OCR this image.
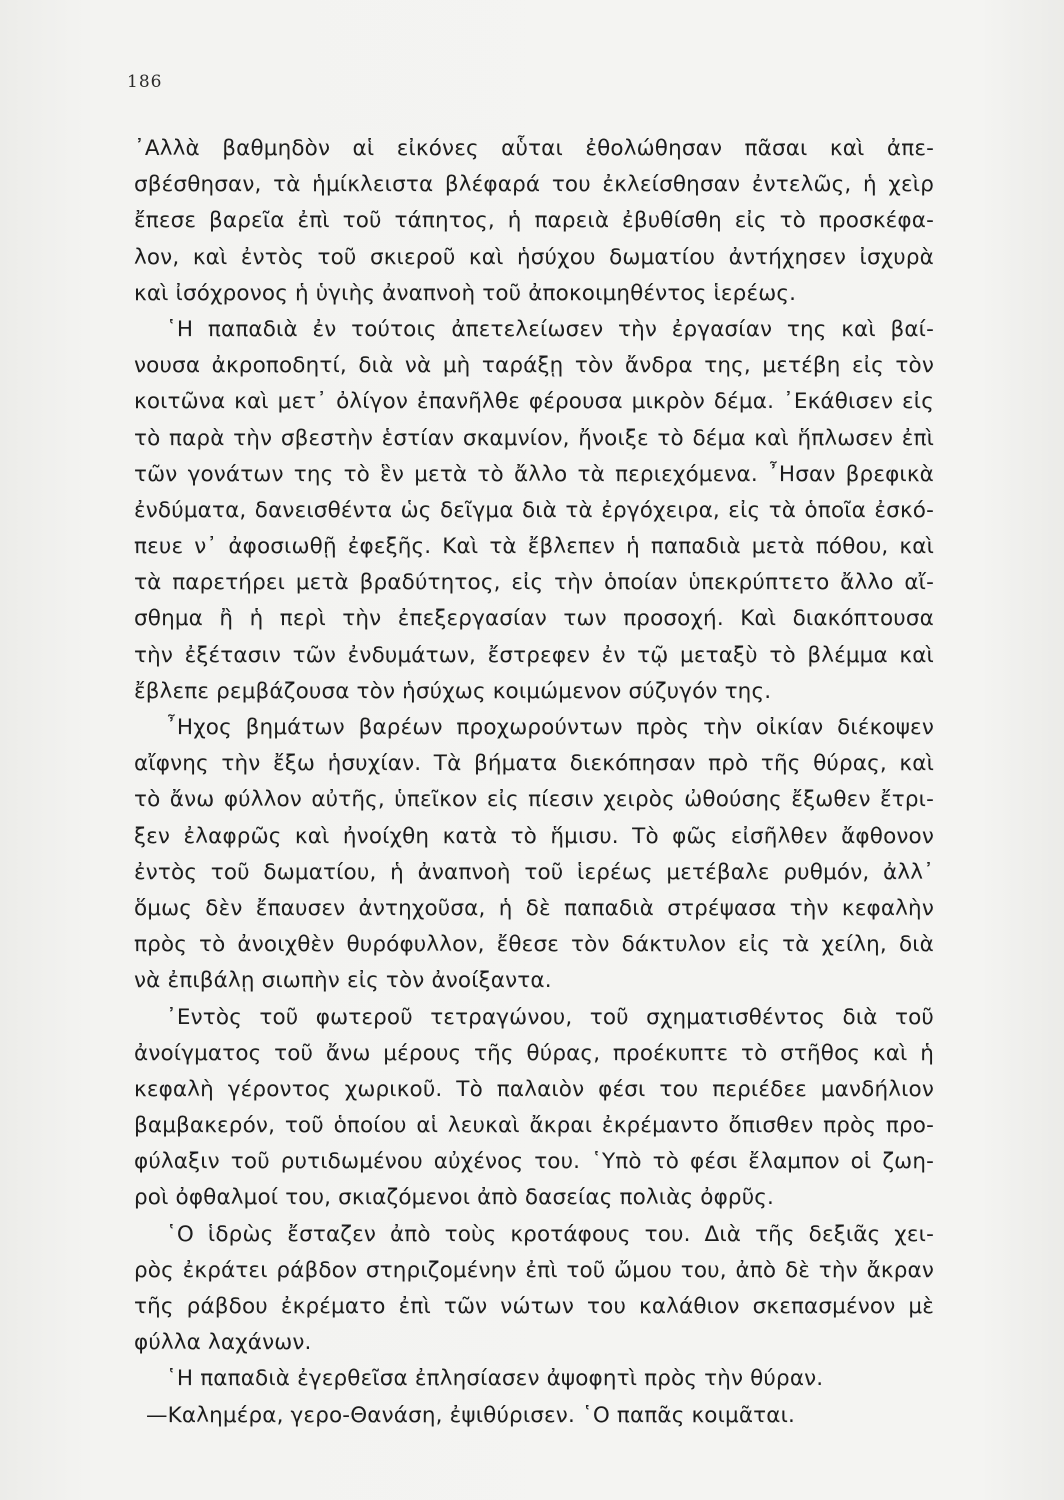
186
᾿Αλλὰ βαθμηδὸν αἱ εἰκόνες αὗται ἐθολώθησαν πᾶσαι καὶ ἀπε-
σβέσθησαν, τὰ ἡμίκλειστα βλέφαρά του ἐκλείσθησαν ἐντελῶς, ἡ χεὶρ
ἔπεσε βαρεῖα ἐπὶ τοῦ τάπητος, ἡ παρειὰ ἐβυθίσθη εἰς τὸ προσκέφα-
λον, καὶ ἐντὸς τοῦ σκιεροῦ καὶ ἡσύχου δωματίου ἀντήχησεν ἰσχυρὰ
καὶ ἰσόχρονος ἡ ὑγιὴς ἀναπνοὴ τοῦ ἀποκοιμηθέντος ἱερέως.
῾Η παπαδιὰ ἐν τούτοις ἀπετελείωσεν τὴν ἐργασίαν της καὶ βαί-
νουσα ἀκροποδητί, διὰ νὰ μὴ ταράξῃ τὸν ἄνδρα της, μετέβη εἰς τὸν
κοιτῶνα καὶ μετ᾿ ὀλίγον ἐπανῆλθε φέρουσα μικρὸν δέμα. ᾿Εκάθισεν εἰς
τὸ παρὰ τὴν σβεστὴν ἑστίαν σκαμνίον, ἤνοιξε τὸ δέμα καὶ ἥπλωσεν ἐπὶ
τῶν γονάτων της τὸ ἓν μετὰ τὸ ἄλλο τὰ περιεχόμενα. ῏Ησαν βρεφικὰ
ἐνδύματα, δανεισθέντα ὡς δεῖγμα διὰ τὰ ἐργόχειρα, εἰς τὰ ὁποῖα ἐσκό-
πευε ν᾿ ἀφοσιωθῇ ἐφεξῆς. Καὶ τὰ ἔβλεπεν ἡ παπαδιὰ μετὰ πόθου, καὶ
τὰ παρετήρει μετὰ βραδύτητος, εἰς τὴν ὁποίαν ὑπεκρύπτετο ἄλλο αἴ-
σθημα ἢ ἡ περὶ τὴν ἐπεξεργασίαν των προσοχή. Καὶ διακόπτουσα
τὴν ἐξέτασιν τῶν ἐνδυμάτων, ἔστρεφεν ἐν τῷ μεταξὺ τὸ βλέμμα καὶ
ἔβλεπε ρεμβάζουσα τὸν ἡσύχως κοιμώμενον σύζυγόν της.
῏Ηχος βημάτων βαρέων προχωρούντων πρὸς τὴν οἰκίαν διέκοψεν
αἴφνης τὴν ἔξω ἡσυχίαν. Τὰ βήματα διεκόπησαν πρὸ τῆς θύρας, καὶ
τὸ ἄνω φύλλον αὐτῆς, ὑπεῖκον εἰς πίεσιν χειρὸς ὠθούσης ἔξωθεν ἔτρι-
ξεν ἐλαφρῶς καὶ ἠνοίχθη κατὰ τὸ ἥμισυ. Τὸ φῶς εἰσῆλθεν ἄφθονον
ἐντὸς τοῦ δωματίου, ἡ ἀναπνοὴ τοῦ ἱερέως μετέβαλε ρυθμόν, ἀλλ᾿
ὅμως δὲν ἔπαυσεν ἀντηχοῦσα, ἡ δὲ παπαδιὰ στρέψασα τὴν κεφαλὴν
πρὸς τὸ ἀνοιχθὲν θυρόφυλλον, ἔθεσε τὸν δάκτυλον εἰς τὰ χείλη, διὰ
νὰ ἐπιβάλῃ σιωπὴν εἰς τὸν ἀνοίξαντα.
᾿Εντὸς τοῦ φωτεροῦ τετραγώνου, τοῦ σχηματισθέντος διὰ τοῦ
ἀνοίγματος τοῦ ἄνω μέρους τῆς θύρας, προέκυπτε τὸ στῆθος καὶ ἡ
κεφαλὴ γέροντος χωρικοῦ. Τὸ παλαιὸν φέσι του περιέδεε μανδήλιον
βαμβακερόν, τοῦ ὁποίου αἱ λευκαὶ ἄκραι ἐκρέμαντο ὄπισθεν πρὸς προ-
φύλαξιν τοῦ ρυτιδωμένου αὐχένος του. ῾Υπὸ τὸ φέσι ἔλαμπον οἱ ζωη-
ροὶ ὀφθαλμοί του, σκιαζόμενοι ἀπὸ δασείας πολιὰς ὀφρῦς.
῾Ο ἱδρὼς ἔσταζεν ἀπὸ τοὺς κροτάφους του. Διὰ τῆς δεξιᾶς χει-
ρὸς ἐκράτει ράβδον στηριζομένην ἐπὶ τοῦ ὤμου του, ἀπὸ δὲ τὴν ἄκραν
τῆς ράβδου ἐκρέματο ἐπὶ τῶν νώτων του καλάθιον σκεπασμένον μὲ
φύλλα λαχάνων.
῾Η παπαδιὰ ἐγερθεῖσα ἐπλησίασεν ἀψοφητὶ πρὸς τὴν θύραν.
—Καλημέρα, γερο-Θανάση, ἐψιθύρισεν. ῾Ο παπᾶς κοιμᾶται.
